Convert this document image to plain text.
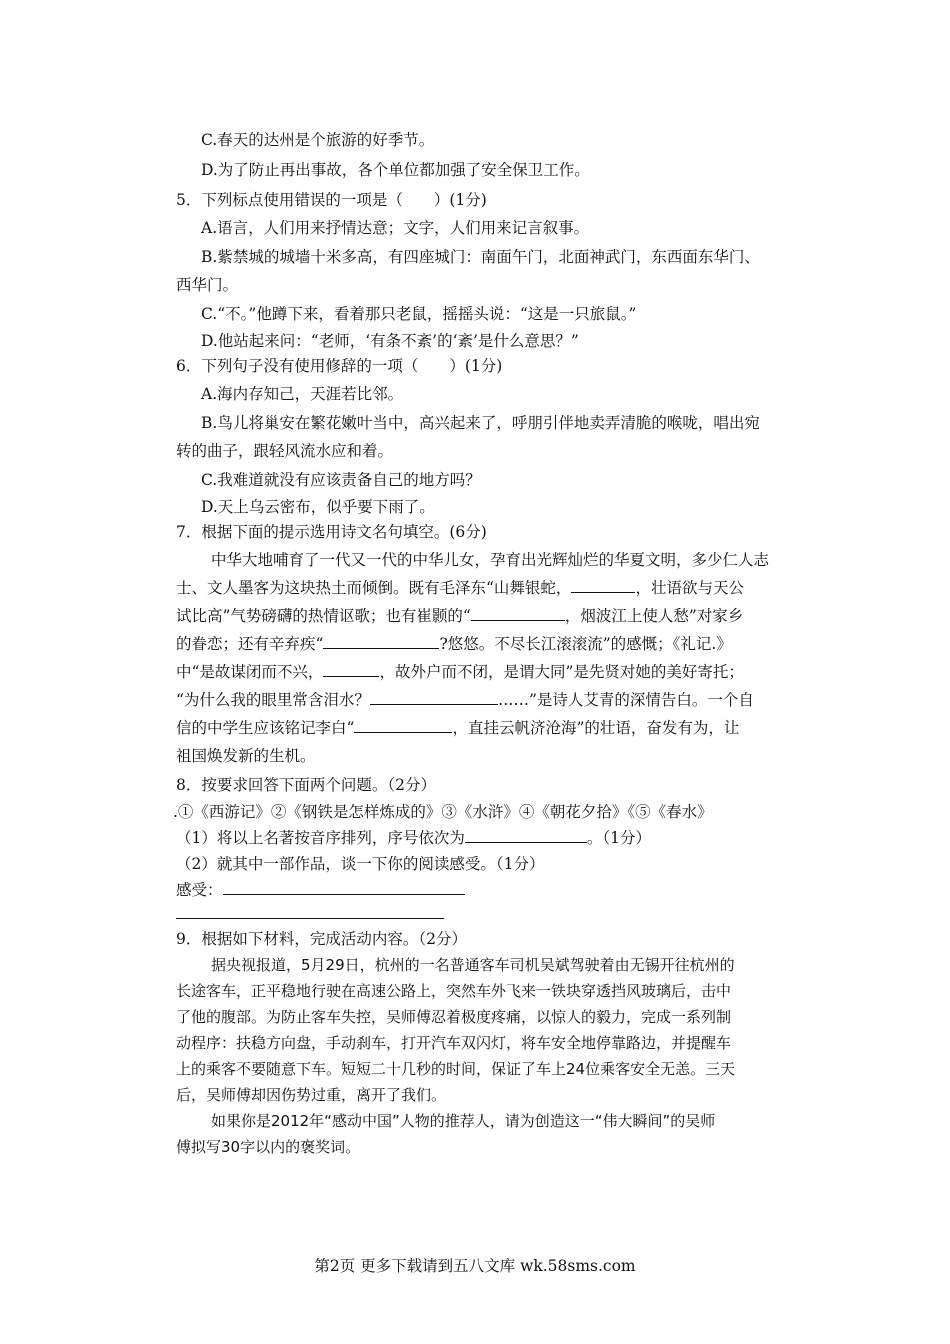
C.春天的达州是个旅游的好季节。
D.为了防止再出事故，各个单位都加强了安全保卫工作。
5．下列标点使用错误的一项是（　　）(1分)
A.语言，人们用来抒情达意；文字，人们用来记言叙事。
B.紫禁城的城墙十米多高，有四座城门：南面午门，北面神武门，东西面东华门、
西华门。
C.“不。”他蹲下来，看着那只老鼠，摇摇头说：“这是一只旅鼠。”
D.他站起来问：“老师，‘有条不紊’的‘紊’是什么意思？”
6．下列句子没有使用修辞的一项（　　）(1分)
A.海内存知己，天涯若比邻。
B.鸟儿将巢安在繁花嫩叶当中，高兴起来了，呼朋引伴地卖弄清脆的喉咙，唱出宛
转的曲子，跟轻风流水应和着。
C.我难道就没有应该责备自己的地方吗？
D.天上乌云密布，似乎要下雨了。
7．根据下面的提示选用诗文名句填空。(6分)
中华大地哺育了一代又一代的中华儿女，孕育出光辉灿烂的华夏文明，多少仁人志
士、文人墨客为这块热土而倾倒。既有毛泽东“山舞银蛇，	，壮语欲与天公
试比高”气势磅礴的热情讴歌；也有崔颢的“	，烟波江上使人愁”对家乡
的眷恋；还有辛弃疾“	?悠悠。不尽长江滚滚流”的感慨；《礼记.》
中“是故谋闭而不兴，	，故外户而不闭，是谓大同”是先贤对她的美好寄托；
“为什么我的眼里常含泪水？	……”是诗人艾青的深情告白。一个自
信的中学生应该铭记李白“	，直挂云帆济沧海”的壮语，奋发有为，让
祖国焕发新的生机。
8．按要求回答下面两个问题。（2分）
.①《西游记》②《钢铁是怎样炼成的》③《水浒》④《朝花夕拾》《⑤《春水》
（1）将以上名著按音序排列，序号依次为	。（1分）
（2）就其中一部作品，谈一下你的阅读感受。（1分）
感受：
9．根据如下材料，完成活动内容。（2分）
据央视报道，5月29日，杭州的一名普通客车司机吴斌驾驶着由无锡开往杭州的
长途客车，正平稳地行驶在高速公路上，突然车外飞来一铁块穿透挡风玻璃后，击中
了他的腹部。为防止客车失控，吴师傅忍着极度疼痛，以惊人的毅力，完成一系列制
动程序：扶稳方向盘，手动刹车，打开汽车双闪灯，将车安全地停靠路边，并提醒车
上的乘客不要随意下车。短短二十几秒的时间，保证了车上24位乘客安全无恙。三天
后，吴师傅却因伤势过重，离开了我们。
如果你是2012年“感动中国”人物的推荐人，请为创造这一“伟大瞬间”的吴师
傅拟写30字以内的褒奖词。
第2页 更多下载请到五八文库 wk.58sms.com
